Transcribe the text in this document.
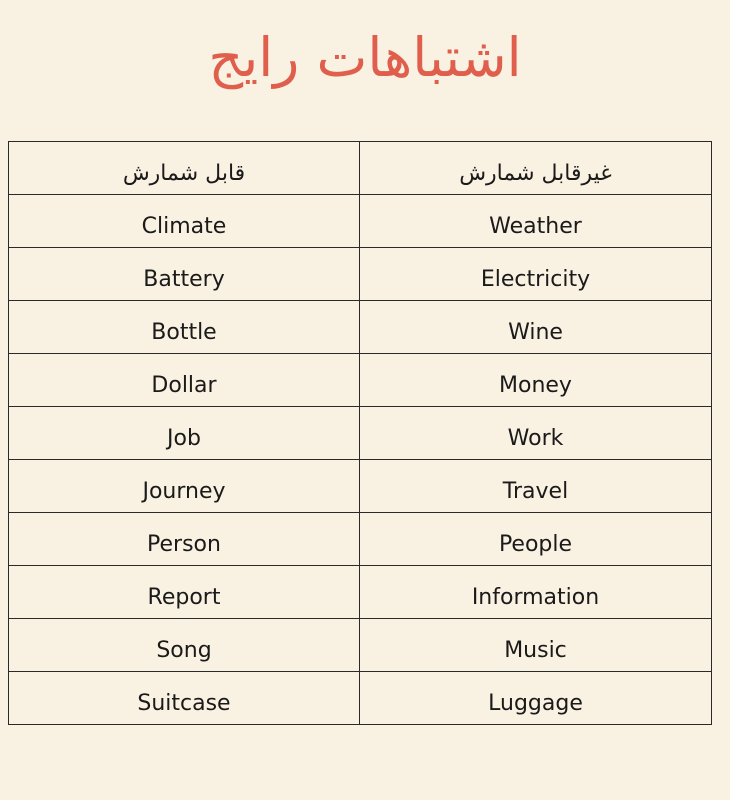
اشتباهات رایج
قابل شمارش	غیرقابل شمارش
Climate	Weather
Battery	Electricity
Bottle	Wine
Dollar	Money
Job	Work
Journey	Travel
Person	People
Report	Information
Song	Music
Suitcase	Luggage
